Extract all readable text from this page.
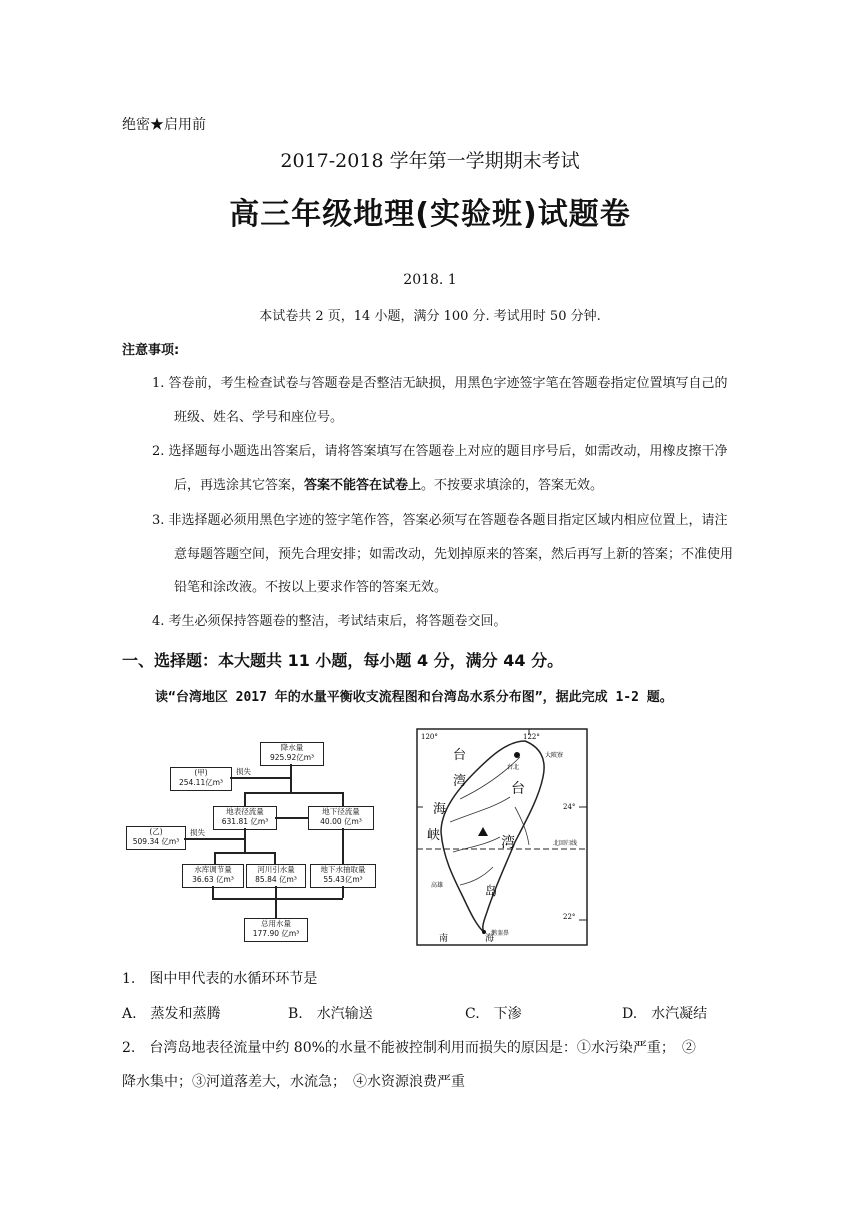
绝密★启用前
2017-2018 学年第一学期期末考试
高三年级地理(实验班)试题卷
2018. 1
本试卷共 2 页，14 小题，满分 100 分. 考试用时 50 分钟.
注意事项:
1. 答卷前，考生检查试卷与答题卷是否整洁无缺损，用黑色字迹签字笔在答题卷指定位置填写自己的
班级、姓名、学号和座位号。
2. 选择题每小题选出答案后，请将答案填写在答题卷上对应的题目序号后，如需改动，用橡皮擦干净
后，再选涂其它答案，答案不能答在试卷上。不按要求填涂的，答案无效。
3. 非选择题必须用黑色字迹的签字笔作答，答案必须写在答题卷各题目指定区域内相应位置上，请注
意每题答题空间，预先合理安排；如需改动，先划掉原来的答案，然后再写上新的答案；不准使用
铅笔和涂改液。不按以上要求作答的答案无效。
4. 考生必须保持答题卷的整洁，考试结束后，将答题卷交回。
一、选择题：本大题共 11 小题，每小题 4 分，满分 44 分。
读“台湾地区 2017 年的水量平衡收支流程图和台湾岛水系分布图”，据此完成 1-2 题。
降水量
925.92亿m³
(甲)
254.11亿m³
损失
地表径流量
631.81 亿m³
地下径流量
40.00 亿m³
(乙)
509.34 亿m³
损失
水库调节量
36.63 亿m³
河川引水量
85.84 亿m³
地下水抽取量
55.43亿m³
总用水量
177.90 亿m³
120°	122°
24°
22°
台
湾
海
峡
台
湾
岛
台北
大陂寮
北回归线
高雄
鹅銮鼻
南	海
1.　图中甲代表的水循环环节是
A.　蒸发和蒸腾	B.　水汽输送	C.　下渗	D.　水汽凝结
2.　台湾岛地表径流量中约 80%的水量不能被控制利用而损失的原因是：①水污染严重；　②
降水集中；③河道落差大，水流急；　④水资源浪费严重
